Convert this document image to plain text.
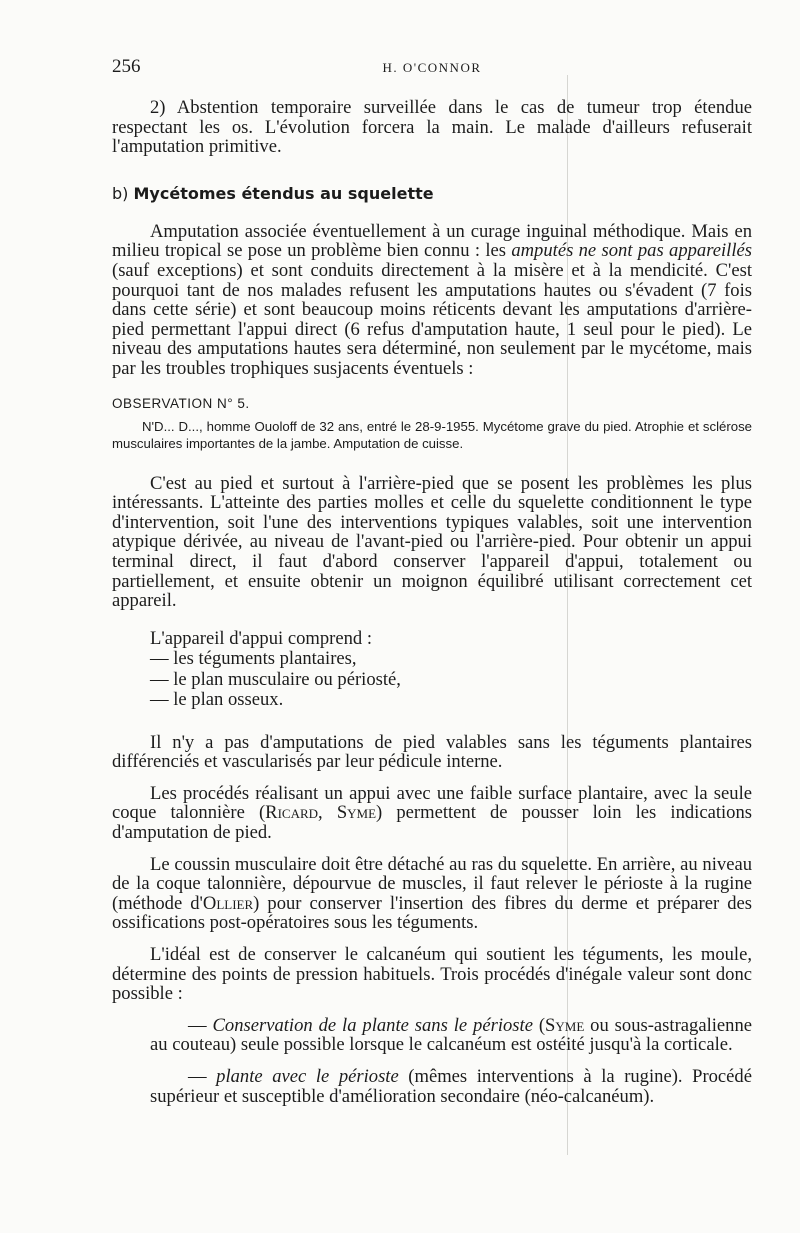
256	H. O'CONNOR

2) Abstention temporaire surveillée dans le cas de tumeur trop étendue respectant les os. L'évolution forcera la main. Le malade d'ailleurs refuserait l'amputation primitive.

b) Mycétomes étendus au squelette

Amputation associée éventuellement à un curage inguinal méthodique. Mais en milieu tropical se pose un problème bien connu : les amputés ne sont pas appareillés (sauf exceptions) et sont conduits directement à la misère et à la mendicité. C'est pourquoi tant de nos malades refusent les amputations hautes ou s'évadent (7 fois dans cette série) et sont beaucoup moins réticents devant les amputations d'arrière-pied permettant l'appui direct (6 refus d'amputation haute, 1 seul pour le pied). Le niveau des amputations hautes sera déterminé, non seulement par le mycétome, mais par les troubles trophiques susjacents éventuels :

OBSERVATION N° 5.
N'D... D..., homme Ouoloff de 32 ans, entré le 28-9-1955. Mycétome grave du pied. Atrophie et sclérose musculaires importantes de la jambe. Amputation de cuisse.

C'est au pied et surtout à l'arrière-pied que se posent les problèmes les plus intéressants. L'atteinte des parties molles et celle du squelette conditionnent le type d'intervention, soit l'une des interventions typiques valables, soit une intervention atypique dérivée, au niveau de l'avant-pied ou l'arrière-pied. Pour obtenir un appui terminal direct, il faut d'abord conserver l'appareil d'appui, totalement ou partiellement, et ensuite obtenir un moignon équilibré utilisant correctement cet appareil.

L'appareil d'appui comprend :
— les téguments plantaires,
— le plan musculaire ou périosté,
— le plan osseux.

Il n'y a pas d'amputations de pied valables sans les téguments plantaires différenciés et vascularisés par leur pédicule interne.

Les procédés réalisant un appui avec une faible surface plantaire, avec la seule coque talonnière (Ricard, Syme) permettent de pousser loin les indications d'amputation de pied.

Le coussin musculaire doit être détaché au ras du squelette. En arrière, au niveau de la coque talonnière, dépourvue de muscles, il faut relever le périoste à la rugine (méthode d'Ollier) pour conserver l'insertion des fibres du derme et préparer des ossifications post-opératoires sous les téguments.

L'idéal est de conserver le calcanéum qui soutient les téguments, les moule, détermine des points de pression habituels. Trois procédés d'inégale valeur sont donc possible :

— Conservation de la plante sans le périoste (Syme ou sous-astragalienne au couteau) seule possible lorsque le calcanéum est ostéité jusqu'à la corticale.
— plante avec le périoste (mêmes interventions à la rugine). Procédé supérieur et susceptible d'amélioration secondaire (néo-calcanéum).
